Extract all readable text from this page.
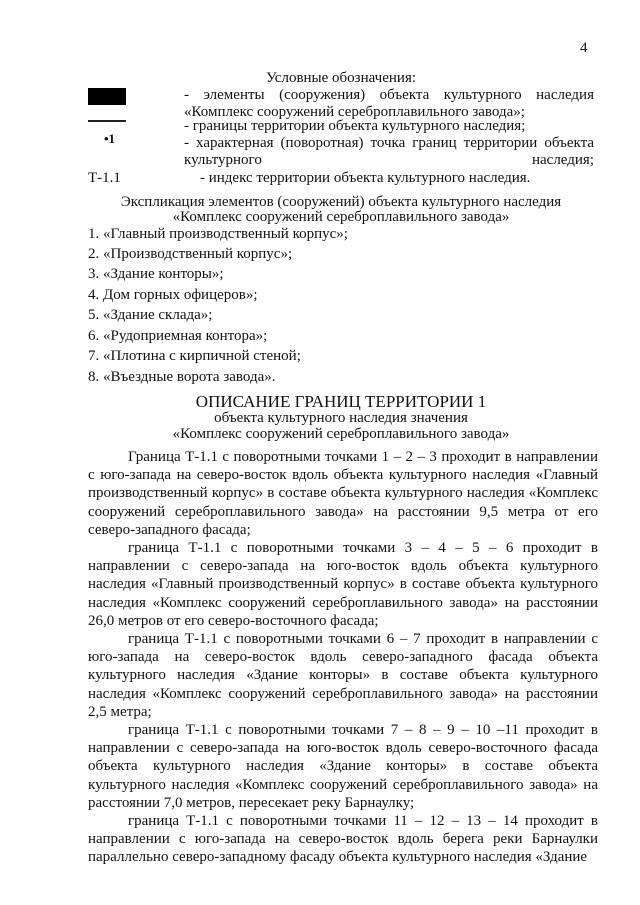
4
Условные обозначения:
- элементы (сооружения) объекта культурного наследия «Комплекс сооружений сереброплавильного завода»;
- границы территории объекта культурного наследия;
•1	- характерная (поворотная) точка границ территории объекта культурного наследия;
Т-1.1	- индекс территории объекта культурного наследия.
Экспликация элементов (сооружений) объекта культурного наследия
«Комплекс сооружений сереброплавильного завода»
1. «Главный производственный корпус»;
2. «Производственный корпус»;
3. «Здание конторы»;
4. Дом горных офицеров»;
5. «Здание склада»;
6. «Рудоприемная контора»;
7. «Плотина с кирпичной стеной;
8. «Въездные ворота завода».
ОПИСАНИЕ ГРАНИЦ ТЕРРИТОРИИ 1
объекта культурного наследия значения
«Комплекс сооружений сереброплавильного завода»

Граница Т-1.1 с поворотными точками 1 – 2 – 3 проходит в направлении с юго-запада на северо-восток вдоль объекта культурного наследия «Главный производственный корпус» в составе объекта культурного наследия «Комплекс сооружений сереброплавильного завода» на расстоянии 9,5 метра от его северо-западного фасада;

граница Т-1.1 с поворотными точками 3 – 4 – 5 – 6 проходит в направлении с северо-запада на юго-восток вдоль объекта культурного наследия «Главный производственный корпус» в составе объекта культурного наследия «Комплекс сооружений сереброплавильного завода» на расстоянии 26,0 метров от его северо-восточного фасада;

граница Т-1.1 с поворотными точками 6 – 7 проходит в направлении с юго-запада на северо-восток вдоль северо-западного фасада объекта культурного наследия «Здание конторы» в составе объекта культурного наследия «Комплекс сооружений сереброплавильного завода» на расстоянии 2,5 метра;

граница Т-1.1 с поворотными точками 7 – 8 – 9 – 10 –11 проходит в направлении с северо-запада на юго-восток вдоль северо-восточного фасада объекта культурного наследия «Здание конторы» в составе объекта культурного наследия «Комплекс сооружений сереброплавильного завода» на расстоянии 7,0 метров, пересекает реку Барнаулку;

граница Т-1.1 с поворотными точками 11 – 12 – 13 – 14 проходит в направлении с юго-запада на северо-восток вдоль берега реки Барнаулки параллельно северо-западному фасаду объекта культурного наследия «Здание
